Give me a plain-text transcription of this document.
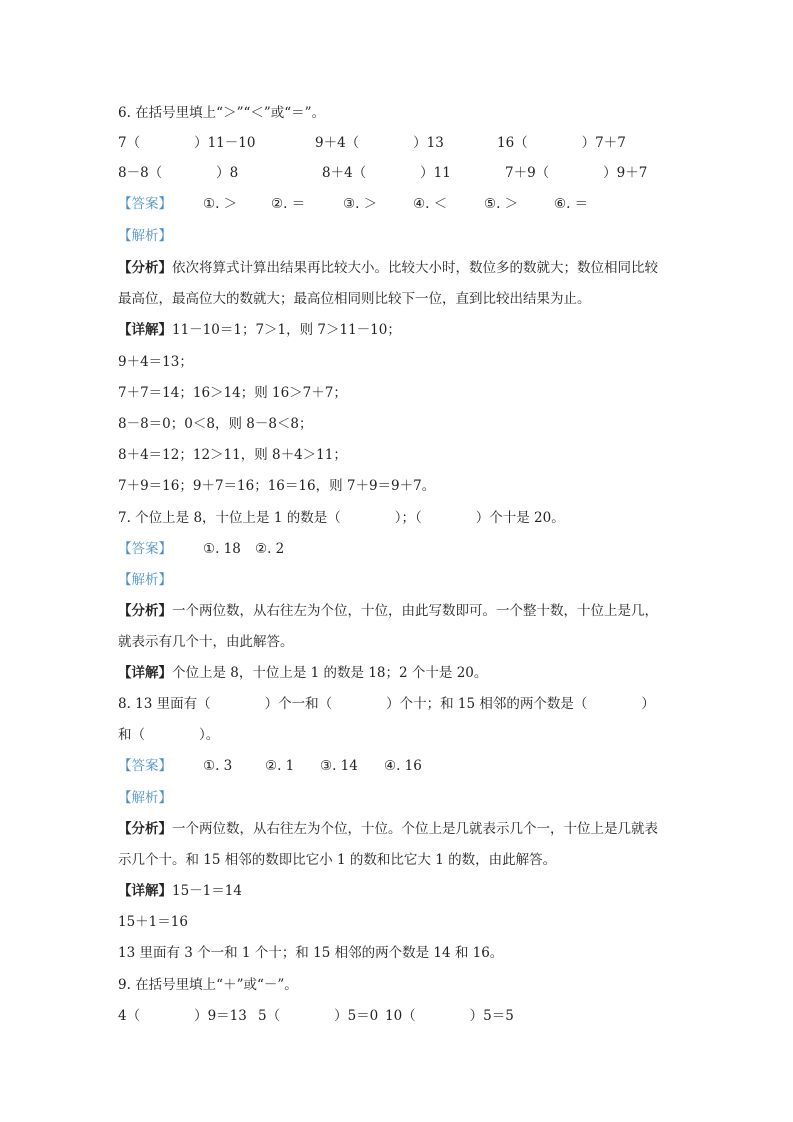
6. 在括号里填上“＞”“＜”或“＝”。
7（　　　　）11－10	9＋4（　　　　）13	16（　　　　）7＋7
8－8（　　　　）8	8＋4（　　　　）11	7＋9（　　　　）9＋7
【答案】 ①. ＞	②. ＝	③. ＞	④. ＜	⑤. ＞	⑥. ＝
【解析】
【分析】依次将算式计算出结果再比较大小。比较大小时，数位多的数就大；数位相同比较
最高位，最高位大的数就大；最高位相同则比较下一位，直到比较出结果为止。
【详解】11－10＝1；7＞1，则 7＞11－10；
9＋4＝13；
7＋7＝14；16＞14；则 16＞7＋7；
8－8＝0；0＜8，则 8－8＜8；
8＋4＝12；12＞11，则 8＋4＞11；
7＋9＝16；9＋7＝16；16＝16，则 7＋9＝9＋7。
7. 个位上是 8，十位上是 1 的数是（　　　　）；（　　　　）个十是 20。
【答案】 ①. 18 ②. 2
【解析】
【分析】一个两位数，从右往左为个位，十位，由此写数即可。一个整十数，十位上是几，
就表示有几个十，由此解答。
【详解】个位上是 8，十位上是 1 的数是 18；2 个十是 20。
8. 13 里面有（　　　　）个一和（　　　　）个十；和 15 相邻的两个数是（　　　　）
和（　　　　）。
【答案】 ①. 3 ②. 1 ③. 14 ④. 16
【解析】
【分析】一个两位数，从右往左为个位，十位。个位上是几就表示几个一，十位上是几就表
示几个十。和 15 相邻的数即比它小 1 的数和比它大 1 的数，由此解答。
【详解】15－1＝14
15＋1＝16
13 里面有 3 个一和 1 个十；和 15 相邻的两个数是 14 和 16。
9. 在括号里填上“＋”或“－”。
4（　　　　）9＝13 5（　　　　）5＝0 10（　　　　）5＝5
